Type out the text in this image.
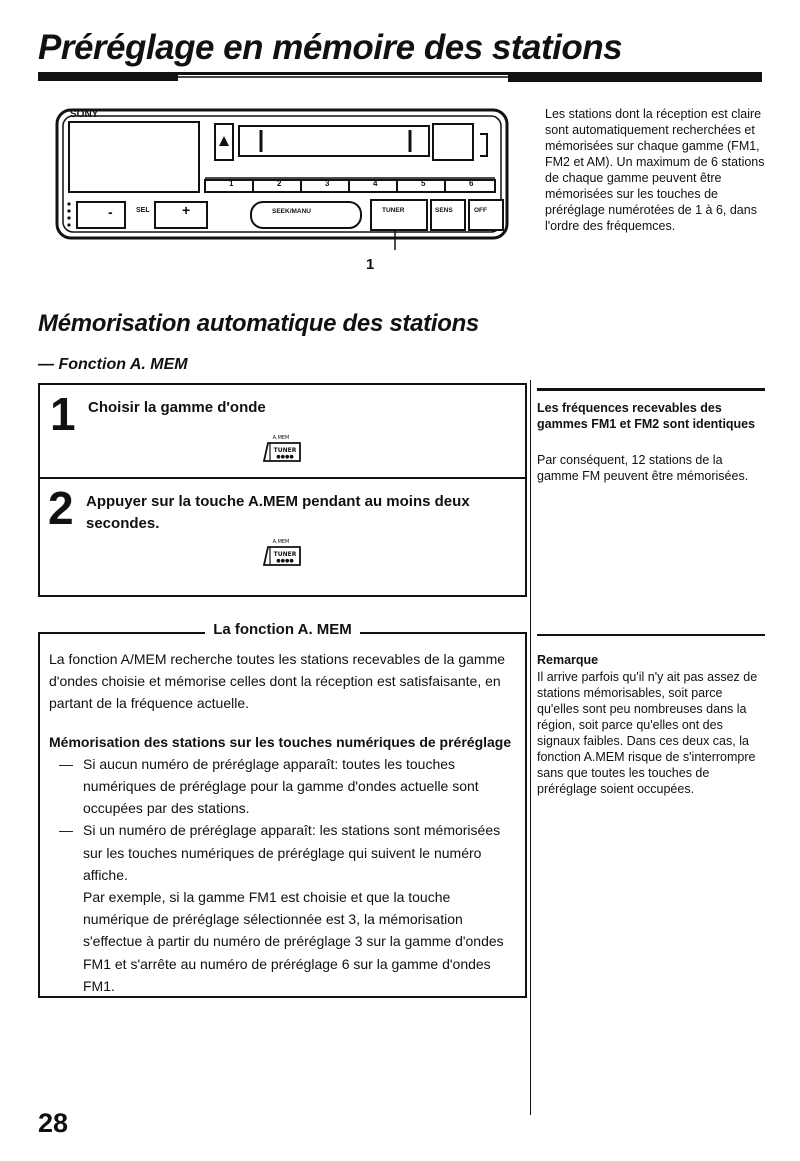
Préréglage en mémoire des stations
SONY
1	2	3	4	5	6
-	SEL +	SEEK/MANU	TUNER	SENS	OFF
1
Les stations dont la réception est claire sont automatiquement recherchées et mémorisées sur chaque gamme (FM1, FM2 et AM). Un maximum de 6 stations de chaque gamme peuvent être mémorisées sur les touches de préréglage numérotées de 1 à 6, dans l'ordre des fréquemces.
Mémorisation automatique des stations
— Fonction A. MEM
1 Choisir la gamme d'onde
A.MEM
TUNER
●●●●
2 Appuyer sur la touche A.MEM pendant au moins deux secondes.
A.MEM
TUNER
●●●●
Les fréquences recevables des gammes FM1 et FM2 sont identiques
Par conséquent, 12 stations de la gamme FM peuvent être mémorisées.
La fonction A. MEM

La fonction A/MEM recherche toutes les stations recevables de la gamme d'ondes choisie et mémorise celles dont la réception est satisfaisante, en partant de la fréquence actuelle.

Mémorisation des stations sur les touches numériques de préréglage

— Si aucun numéro de préréglage apparaît: toutes les touches numériques de préréglage pour la gamme d'ondes actuelle sont occupées par des stations.

— Si un numéro de préréglage apparaît: les stations sont mémorisées sur les touches numériques de préréglage qui suivent le numéro affiche.

Par exemple, si la gamme FM1 est choisie et que la touche numérique de préréglage sélectionnée est 3, la mémorisation s'effectue à partir du numéro de préréglage 3 sur la gamme d'ondes FM1 et s'arrête au numéro de préréglage 6 sur la gamme d'ondes FM1.

Remarque
Il arrive parfois qu'il n'y ait pas assez de stations mémorisables, soit parce qu'elles sont peu nombreuses dans la région, soit parce qu'elles ont des signaux faibles. Dans ces deux cas, la fonction A.MEM risque de s'interrompre sans que toutes les touches de préréglage soient occupées.
28
